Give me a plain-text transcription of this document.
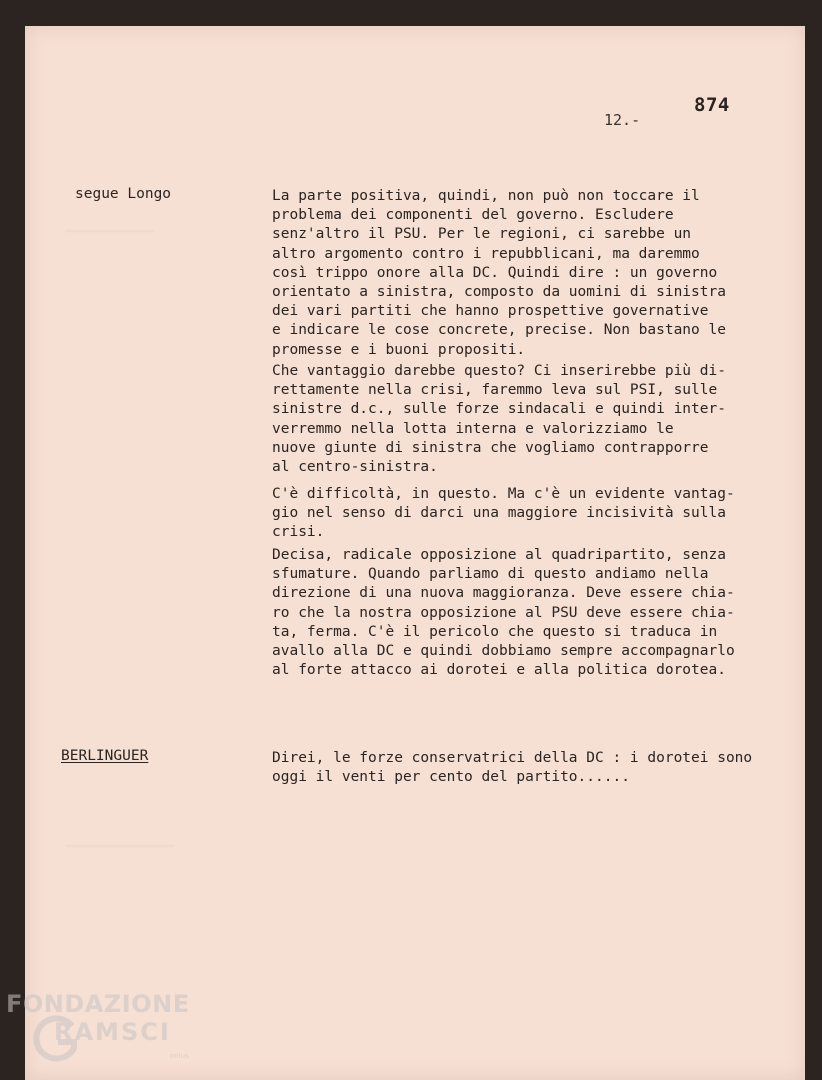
874
12.-
segue Longo	La parte positiva, quindi, non può non toccare il
problema dei componenti del governo. Escludere
senz'altro il PSU. Per le regioni, ci sarebbe un
altro argomento contro i repubblicani, ma daremmo
così trippo onore alla DC. Quindi dire : un governo
orientato a sinistra, composto da uomini di sinistra
dei vari partiti che hanno prospettive governative
e indicare le cose concrete, precise. Non bastano le
promesse e i buoni propositi.

Che vantaggio darebbe questo? Ci inserirebbe più di-
rettamente nella crisi, faremmo leva sul PSI, sulle
sinistre d.c., sulle forze sindacali e quindi inter-
verremmo nella lotta interna e valorizziamo le
nuove giunte di sinistra che vogliamo contrapporre
al centro-sinistra.

C'è difficoltà, in questo. Ma c'è un evidente vantag-
gio nel senso di darci una maggiore incisività sulla
crisi.

Decisa, radicale opposizione al quadripartito, senza
sfumature. Quando parliamo di questo andiamo nella
direzione di una nuova maggioranza. Deve essere chia-
ro che la nostra opposizione al PSU deve essere chia-
ta, ferma. C'è il pericolo che questo si traduca in
avallo alla DC e quindi dobbiamo sempre accompagnarlo
al forte attacco ai dorotei e alla politica dorotea.

BERLINGUER	Direi, le forze conservatrici della DC : i dorotei sono
oggi il venti per cento del partito......

FONDAZIONE
RAMSCI
onlus
